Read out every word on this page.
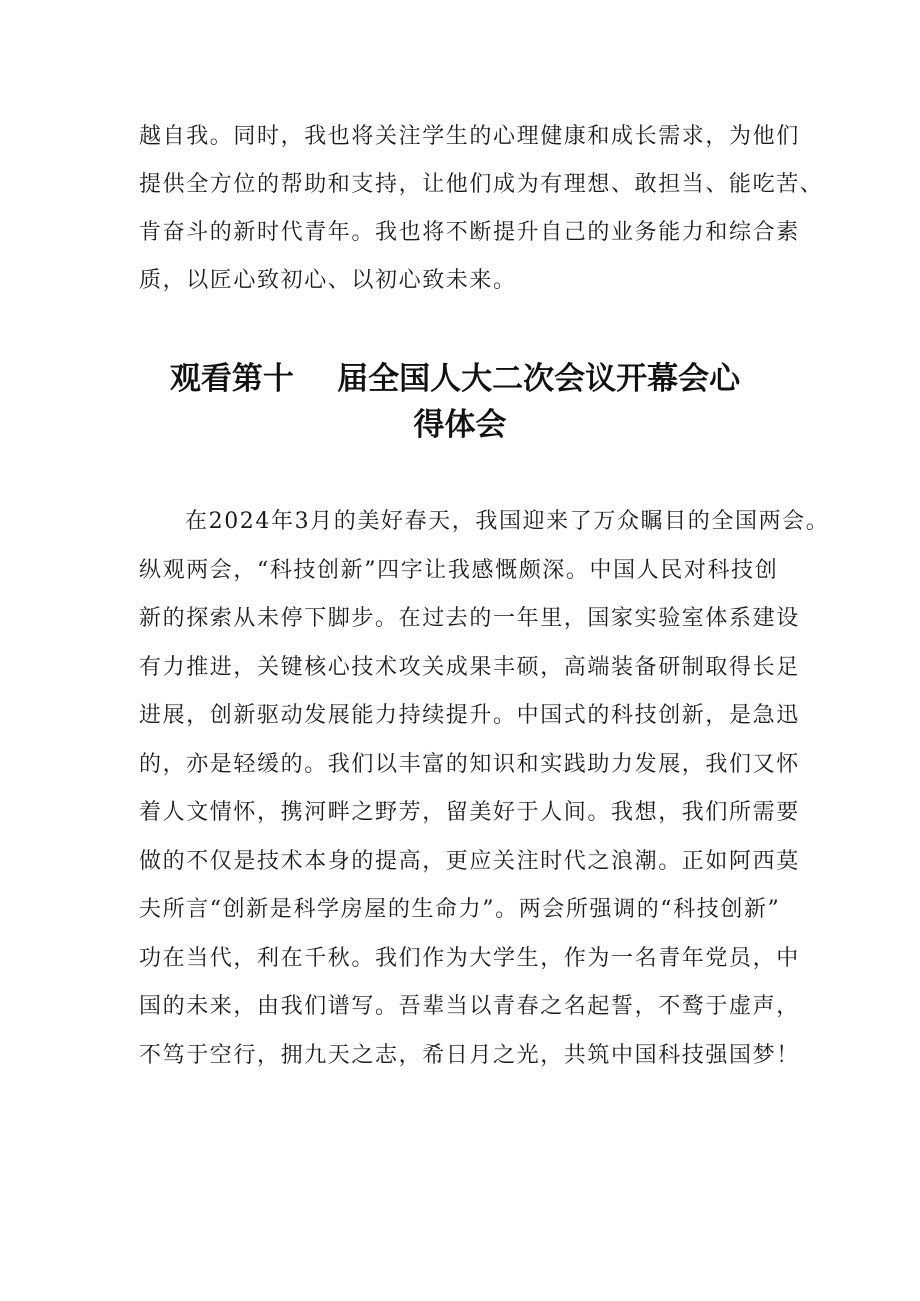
越自我。同时，我也将关注学生的心理健康和成长需求，为他们
提供全方位的帮助和支持，让他们成为有理想、敢担当、能吃苦、
肯奋斗的新时代青年。我也将不断提升自己的业务能力和综合素
质，以匠心致初心、以初心致未来。
观看第十    届全国人大二次会议开幕会心
得体会
在2024年3月的美好春天，我国迎来了万众瞩目的全国两会。
纵观两会，“科技创新”四字让我感慨颇深。中国人民对科技创
新的探索从未停下脚步。在过去的一年里，国家实验室体系建设
有力推进，关键核心技术攻关成果丰硕，高端装备研制取得长足
进展，创新驱动发展能力持续提升。中国式的科技创新，是急迅
的，亦是轻缓的。我们以丰富的知识和实践助力发展，我们又怀
着人文情怀，携河畔之野芳，留美好于人间。我想，我们所需要
做的不仅是技术本身的提高，更应关注时代之浪潮。正如阿西莫
夫所言“创新是科学房屋的生命力”。两会所强调的“科技创新”
功在当代，利在千秋。我们作为大学生，作为一名青年党员，中
国的未来，由我们谱写。吾辈当以青春之名起誓，不鹜于虚声，
不笃于空行，拥九天之志，希日月之光，共筑中国科技强国梦！
